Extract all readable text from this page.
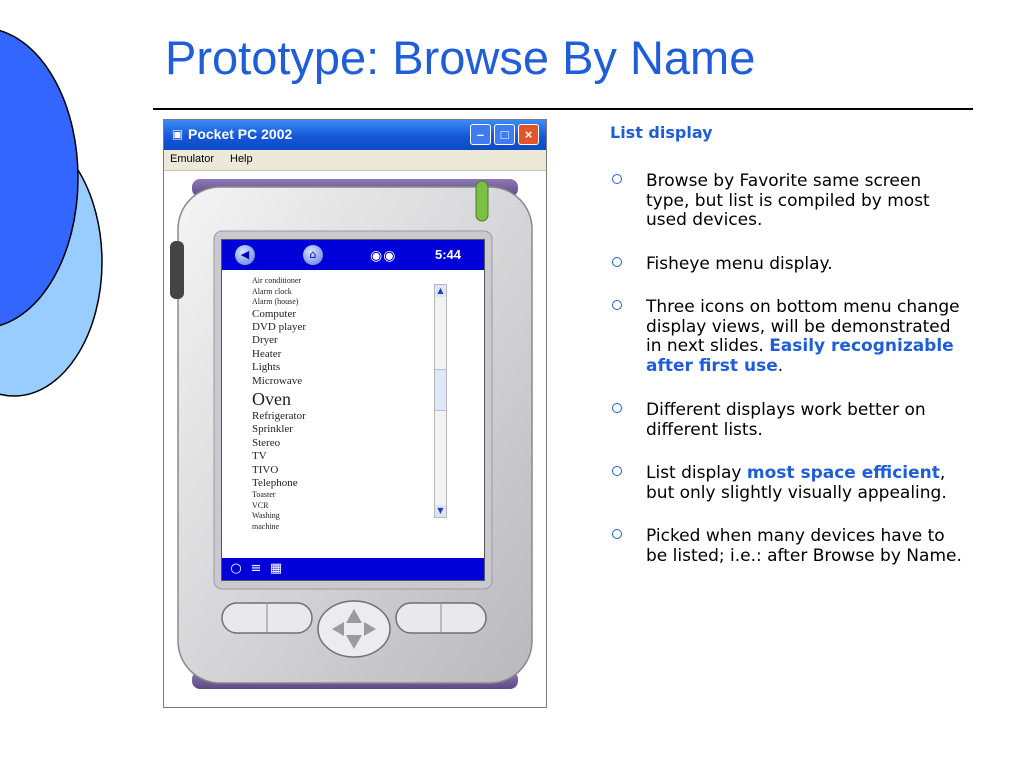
Prototype: Browse By Name
▣ Pocket PC 2002	–	□	×
Emulator Help
◀	⌂	◉◉	5:44
Air conditioner
Alarm clock
Alarm (house)
Computer
DVD player
Dryer
Heater
Lights
Microwave
Oven
Refrigerator
Sprinkler
Stereo
TV
TIVO
Telephone
Toaster
VCR
Washing
machine
▲
▼
○ ≡ ▦
List display
Browse by Favorite same screen type, but list is compiled by most used devices.
Fisheye menu display.
Three icons on bottom menu change display views, will be demonstrated in next slides. Easily recognizable after first use.
Different displays work better on different lists.
List display most space efficient, but only slightly visually appealing.
Picked when many devices have to be listed; i.e.: after Browse by Name.
